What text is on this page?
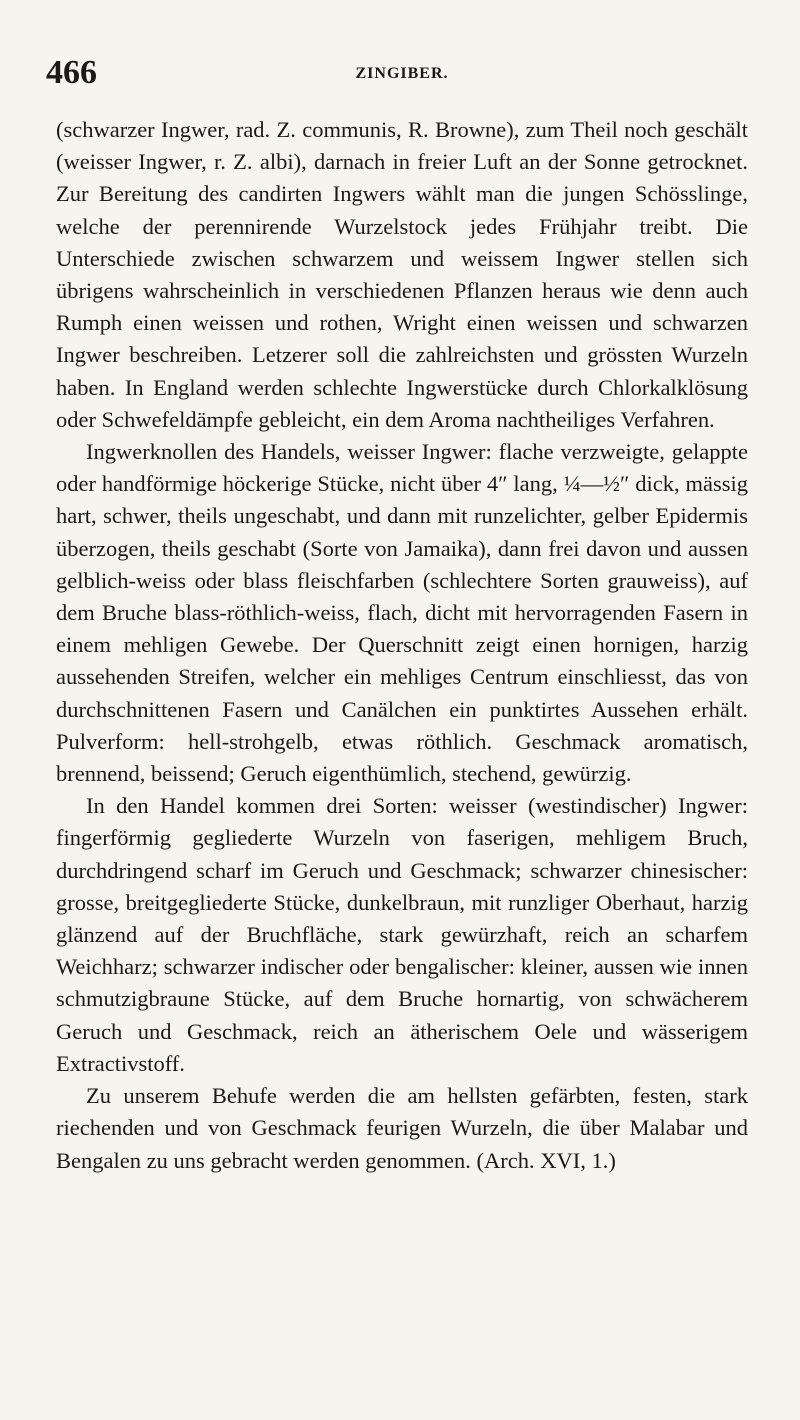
466	ZINGIBER.

(schwarzer Ingwer, rad. Z. communis, R. Browne), zum Theil noch geschält (weisser Ingwer, r. Z. albi), darnach in freier Luft an der Sonne getrocknet. Zur Bereitung des candirten Ingwers wählt man die jungen Schösslinge, welche der perennirende Wurzelstock jedes Frühjahr treibt. Die Unterschiede zwischen schwarzem und weissem Ingwer stellen sich übrigens wahrscheinlich in verschiedenen Pflanzen heraus wie denn auch Rumph einen weissen und rothen, Wright einen weissen und schwarzen Ingwer beschreiben. Letzerer soll die zahlreichsten und grössten Wurzeln haben. In England werden schlechte Ingwerstücke durch Chlorkalklösung oder Schwefeldämpfe gebleicht, ein dem Aroma nachtheiliges Verfahren.

Ingwerknollen des Handels, weisser Ingwer: flache verzweigte, gelappte oder handförmige höckerige Stücke, nicht über 4″ lang, ¼—½″ dick, mässig hart, schwer, theils ungeschabt, und dann mit runzelichter, gelber Epidermis überzogen, theils geschabt (Sorte von Jamaika), dann frei davon und aussen gelblich-weiss oder blass fleischfarben (schlechtere Sorten grauweiss), auf dem Bruche blass-röthlich-weiss, flach, dicht mit hervorragenden Fasern in einem mehligen Gewebe. Der Querschnitt zeigt einen hornigen, harzig aussehenden Streifen, welcher ein mehliges Centrum einschliesst, das von durchschnittenen Fasern und Canälchen ein punktirtes Aussehen erhält. Pulverform: hell-strohgelb, etwas röthlich. Geschmack aromatisch, brennend, beissend; Geruch eigenthümlich, stechend, gewürzig.

In den Handel kommen drei Sorten: weisser (westindischer) Ingwer: fingerförmig gegliederte Wurzeln von faserigen, mehligem Bruch, durchdringend scharf im Geruch und Geschmack; schwarzer chinesischer: grosse, breitgegliederte Stücke, dunkelbraun, mit runzliger Oberhaut, harzig glänzend auf der Bruchfläche, stark gewürzhaft, reich an scharfem Weichharz; schwarzer indischer oder bengalischer: kleiner, aussen wie innen schmutzigbraune Stücke, auf dem Bruche hornartig, von schwächerem Geruch und Geschmack, reich an ätherischem Oele und wässerigem Extractivstoff.

Zu unserem Behufe werden die am hellsten gefärbten, festen, stark riechenden und von Geschmack feurigen Wurzeln, die über Malabar und Bengalen zu uns gebracht werden genommen. (Arch. XVI, 1.)
